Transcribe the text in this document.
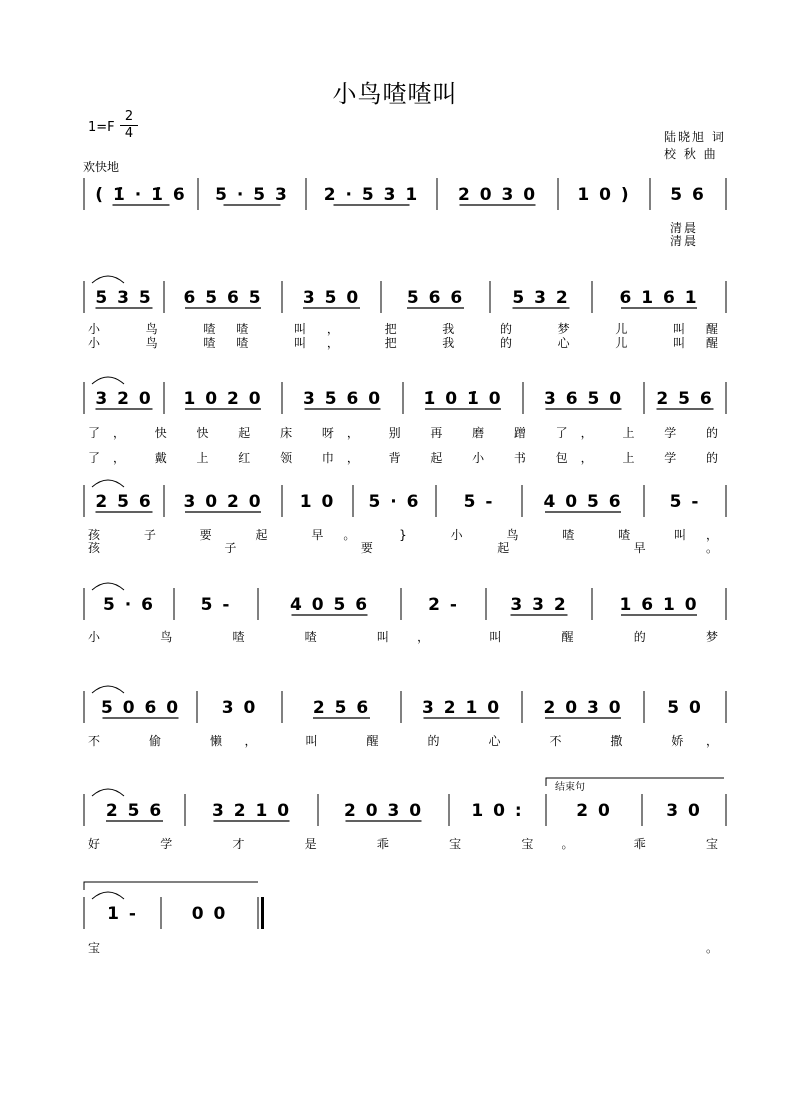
小鸟喳喳叫
1=F
2
4
欢快地
陆晓旭 词
校 秋 曲
( 1̇ · 1̇ 6 5 · 5 3 2 · 5 3 1 2 0 3 0 1 0 ) 5 6
清晨
清晨
5 3 5 6 5 6 5 3 5 0	5 6 6	5 3 2	6 1 6 1
小 鸟 喳喳 叫， 把 我 的 梦 儿 叫醒
小 鸟 喳喳 叫， 把 我 的 心 儿 叫醒
3 2 0 1 0 2 0 3 5 6 0 1̇ 0 1̇ 0 3 6 5 0 2 5 6
了， 快 快 起 床 呀， 别 再 磨 蹭 了， 上 学 的
了， 戴 上 红 领 巾， 背 起 小 书 包， 上 学 的
2 5 6 3 0 2 0 1 0 5 · 6	5 -	4 0 5 6	5 -
孩 子 要 起 早。 } 小 鸟 喳 喳 叫，
孩 子 要 起 早。
5 · 6	5 -	4 0 5 6	2 -	3 3 2	1 6 1 0
小 鸟 喳 喳 叫， 叫 醒 的 梦
5 0 6 0 3 0	2 5 6	3 2 1 0 2 0 3 0	5 0
不 偷 懒， 叫 醒 的 心 不 撒 娇，
2 5 6	3 2 1 0	2 0 3 0	1 0 :	2 0	3 0
好 学 才 是 乖 宝 宝。 乖 宝
1 -	0 0
宝。
结束句
